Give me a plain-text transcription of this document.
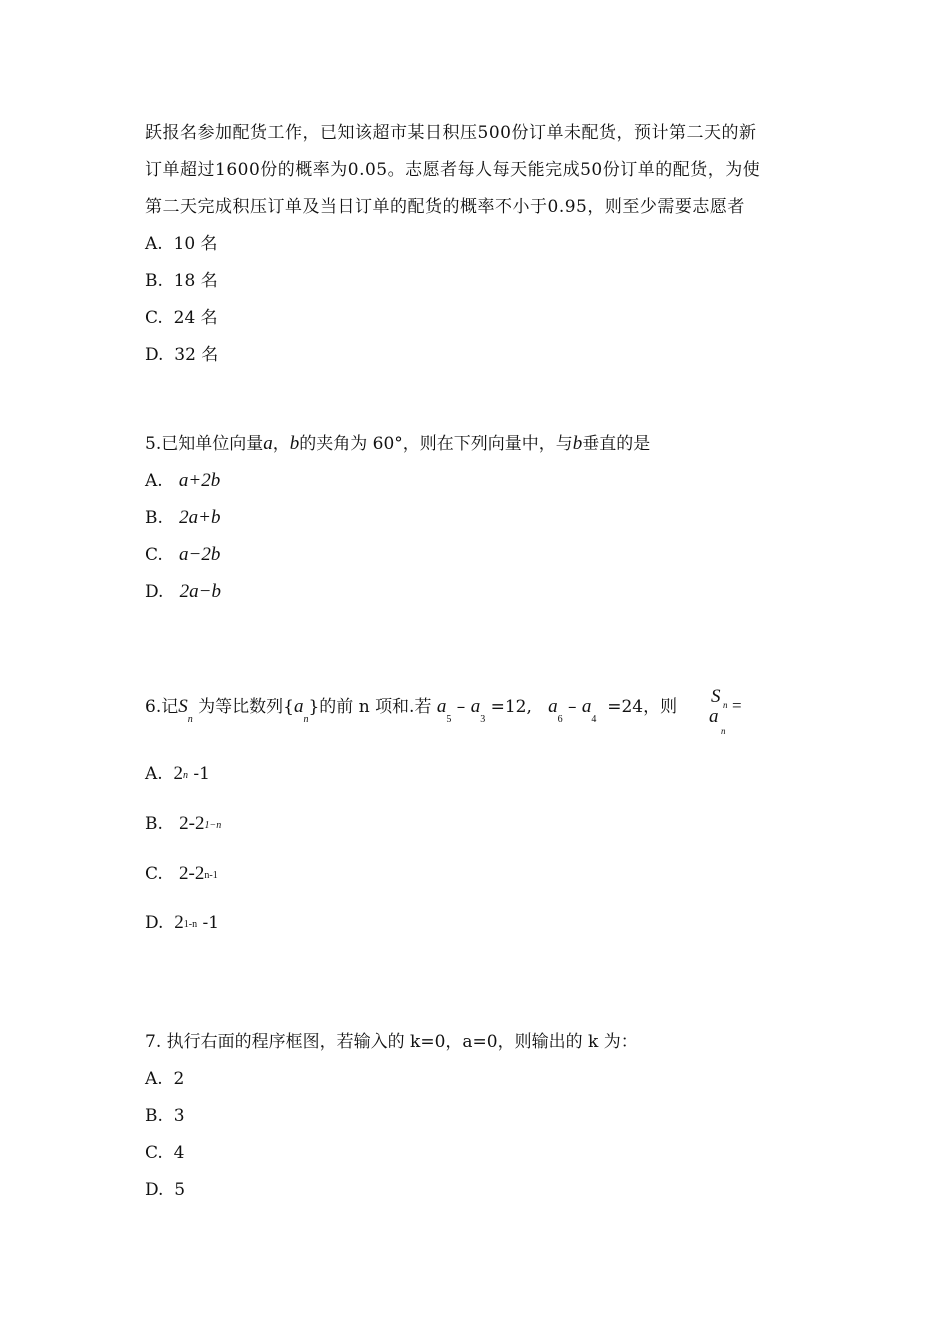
跃报名参加配货工作，已知该超市某日积压500份订单未配货，预计第二天的新
订单超过1600份的概率为0.05。志愿者每人每天能完成50份订单的配货，为使
第二天完成积压订单及当日订单的配货的概率不小于0.95，则至少需要志愿者
A. 10 名
B. 18 名
C. 24 名
D. 32 名
5.已知单位向量a，b的夹角为 60°，则在下列向量中，与b垂直的是
A. a+2b
B. 2a+b
C. a−2b
D. 2a−b
6.记$S_n$ 为等比数列$\{a_n\}$的前 n 项和.若 $a_5 - a_3 =12$, $a_6 - a_4 =24$，则 S n
a
n
=
A. 2n -1
B. 2-21−n
C. 2-2n-1
D. 21-n -1
7. 执行右面的程序框图，若输入的 k=0，a=0，则输出的 k 为：
A. 2
B. 3
C. 4
D. 5
